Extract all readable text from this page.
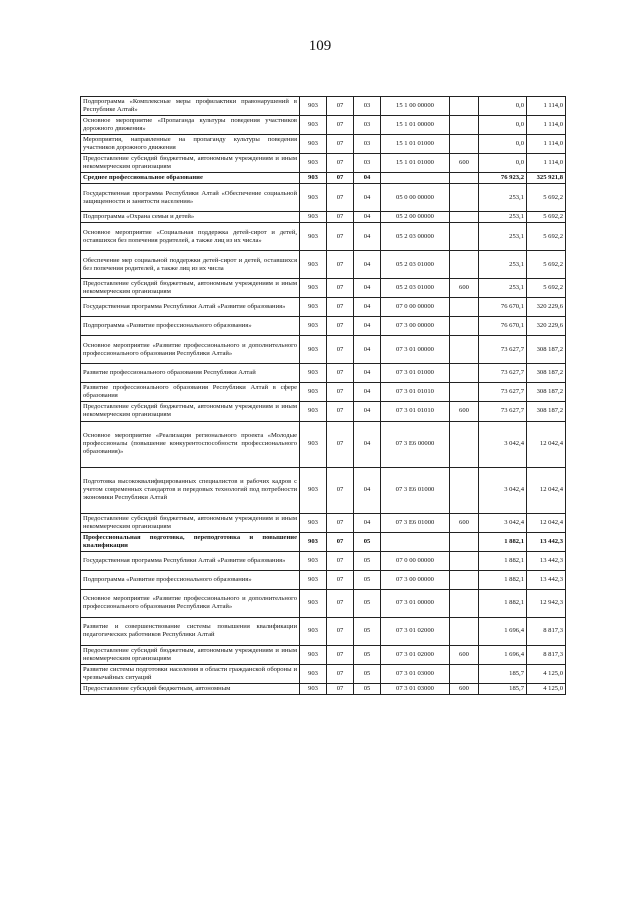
109
Подпрограмма «Комплексные меры профилактики правонарушений в Республике Алтай»	903	07	03	15 1 00 00000		0,0	1 114,0
Основное мероприятие «Пропаганда культуры поведения участников дорожного движения»	903	07	03	15 1 01 00000		0,0	1 114,0
Мероприятия, направленные на пропаганду культуры поведения участников дорожного движения	903	07	03	15 1 01 01000		0,0	1 114,0
Предоставление субсидий бюджетным, автономным учреждениям и иным некоммерческим организациям	903	07	03	15 1 01 01000	600	0,0	1 114,0
Среднее профессиональное образование	903	07	04			76 923,2	325 921,8
Государственная программа Республики Алтай «Обеспечение социальной защищенности и занятости населения»	903	07	04	05 0 00 00000		253,1	5 692,2
Подпрограмма «Охрана семьи и детей»	903	07	04	05 2 00 00000		253,1	5 692,2
Основное мероприятие «Социальная поддержка детей-сирот и детей, оставшихся без попечения родителей, а также лиц из их числа»	903	07	04	05 2 03 00000		253,1	5 692,2
Обеспечение мер социальной поддержки детей-сирот и детей, оставшихся без попечения родителей, а также лиц из их числа	903	07	04	05 2 03 01000		253,1	5 692,2
Предоставление субсидий бюджетным, автономным учреждениям и иным некоммерческим организациям	903	07	04	05 2 03 01000	600	253,1	5 692,2
Государственная программа Республики Алтай «Развитие образования»	903	07	04	07 0 00 00000		76 670,1	320 229,6
Подпрограмма «Развитие профессионального образования»	903	07	04	07 3 00 00000		76 670,1	320 229,6
Основное мероприятие «Развитие профессионального и дополнительного профессионального образования Республики Алтай»	903	07	04	07 3 01 00000		73 627,7	308 187,2
Развитие профессионального образования Республики Алтай	903	07	04	07 3 01 01000		73 627,7	308 187,2
Развитие профессионального образования Республики Алтай в сфере образования	903	07	04	07 3 01 01010		73 627,7	308 187,2
Предоставление субсидий бюджетным, автономным учреждениям и иным некоммерческим организациям	903	07	04	07 3 01 01010	600	73 627,7	308 187,2
Основное мероприятие «Реализация регионального проекта «Молодые профессионалы (повышение конкурентоспособности профессионального образования)»	903	07	04	07 3 E6 00000		3 042,4	12 042,4
Подготовка высококвалифицированных специалистов и рабочих кадров с учетом современных стандартов и передовых технологий под потребности экономики Республики Алтай	903	07	04	07 3 E6 01000		3 042,4	12 042,4
Предоставление субсидий бюджетным, автономным учреждениям и иным некоммерческим организациям	903	07	04	07 3 E6 01000	600	3 042,4	12 042,4
Профессиональная подготовка, переподготовка и повышение квалификации	903	07	05			1 882,1	13 442,3
Государственная программа Республики Алтай «Развитие образования»	903	07	05	07 0 00 00000		1 882,1	13 442,3
Подпрограмма «Развитие профессионального образования»	903	07	05	07 3 00 00000		1 882,1	13 442,3
Основное мероприятие «Развитие профессионального и дополнительного профессионального образования Республики Алтай»	903	07	05	07 3 01 00000		1 882,1	12 942,3
Развитие и совершенствование системы повышения квалификации педагогических работников Республики Алтай	903	07	05	07 3 01 02000		1 696,4	8 817,3
Предоставление субсидий бюджетным, автономным учреждениям и иным некоммерческим организациям	903	07	05	07 3 01 02000	600	1 696,4	8 817,3
Развитие системы подготовки населения в области гражданской обороны и чрезвычайных ситуаций	903	07	05	07 3 01 03000		185,7	4 125,0
Предоставление субсидий бюджетным, автономным	903	07	05	07 3 01 03000	600	185,7	4 125,0
